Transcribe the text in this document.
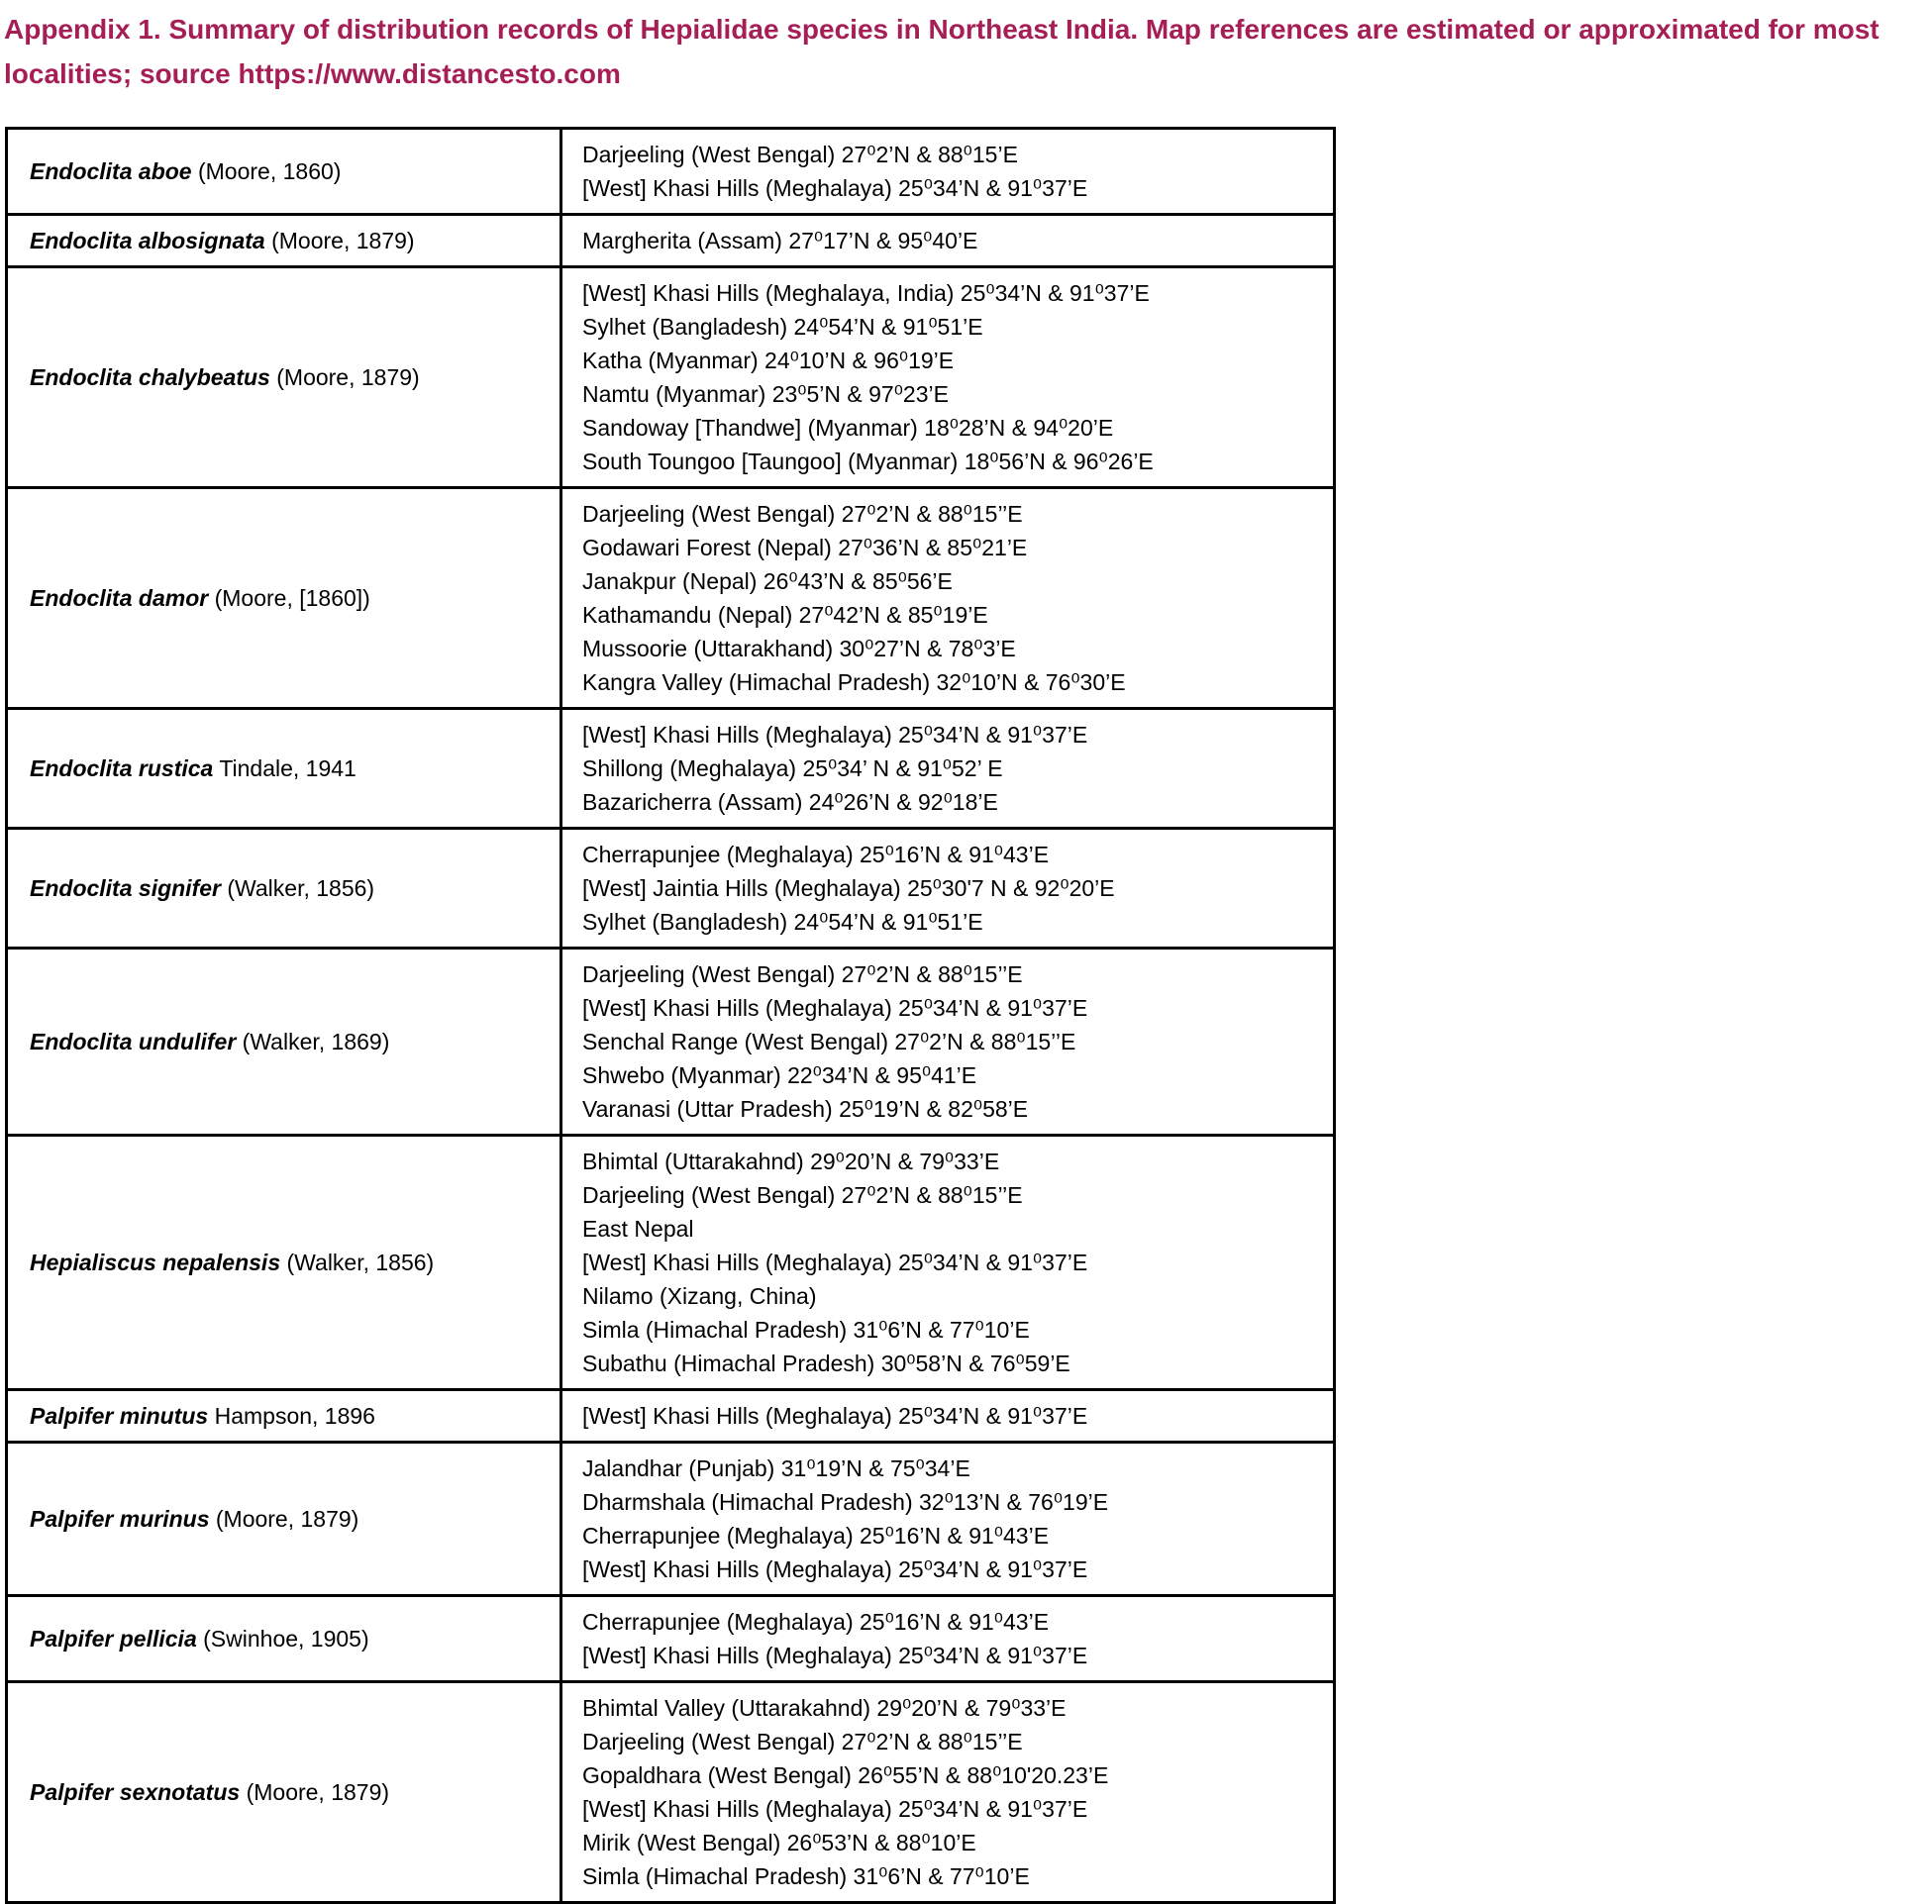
Appendix 1. Summary of distribution records of Hepialidae species in Northeast India. Map references are estimated or approximated for most localities; source https://www.distancesto.com
Endoclita aboe (Moore, 1860)	Darjeeling (West Bengal) 27⁰2’N & 88⁰15’E
[West] Khasi Hills (Meghalaya) 25⁰34’N & 91⁰37’E

Endoclita albosignata (Moore, 1879)	Margherita (Assam) 27⁰17’N & 95⁰40’E

Endoclita chalybeatus (Moore, 1879)	
[West] Khasi Hills (Meghalaya, India) 25⁰34’N & 91⁰37’E
Sylhet (Bangladesh) 24⁰54’N & 91⁰51’E
Katha (Myanmar) 24⁰10’N & 96⁰19’E
Namtu (Myanmar) 23⁰5’N & 97⁰23’E
Sandoway [Thandwe] (Myanmar) 18⁰28’N & 94⁰20’E
South Toungoo [Taungoo] (Myanmar) 18⁰56’N & 96⁰26’E

Endoclita damor (Moore, [1860])	
Darjeeling (West Bengal) 27⁰2’N & 88⁰15’’E
Godawari Forest (Nepal) 27⁰36’N & 85⁰21’E
Janakpur (Nepal) 26⁰43’N & 85⁰56’E
Kathamandu (Nepal) 27⁰42’N & 85⁰19’E
Mussoorie (Uttarakhand) 30⁰27’N & 78⁰3’E
Kangra Valley (Himachal Pradesh) 32⁰10’N & 76⁰30’E

Endoclita rustica Tindale, 1941	[West] Khasi Hills (Meghalaya) 25⁰34’N & 91⁰37’E
Shillong (Meghalaya) 25⁰34’ N & 91⁰52’ E
Bazaricherra (Assam) 24⁰26’N & 92⁰18’E

Endoclita signifer (Walker, 1856)	Cherrapunjee (Meghalaya) 25⁰16’N & 91⁰43’E
[West] Jaintia Hills (Meghalaya) 25⁰30'7 N & 92⁰20’E
Sylhet (Bangladesh) 24⁰54’N & 91⁰51’E

Endoclita undulifer (Walker, 1869)	Darjeeling (West Bengal) 27⁰2’N & 88⁰15’’E
[West] Khasi Hills (Meghalaya) 25⁰34’N & 91⁰37’E
Senchal Range (West Bengal) 27⁰2’N & 88⁰15’’E
Shwebo (Myanmar) 22⁰34’N & 95⁰41’E
Varanasi (Uttar Pradesh) 25⁰19’N & 82⁰58’E

Hepialiscus nepalensis (Walker, 1856)	
Bhimtal (Uttarakahnd) 29⁰20’N & 79⁰33’E
Darjeeling (West Bengal) 27⁰2’N & 88⁰15’’E
East Nepal
[West] Khasi Hills (Meghalaya) 25⁰34’N & 91⁰37’E
Nilamo (Xizang, China)
Simla (Himachal Pradesh) 31⁰6’N & 77⁰10’E
Subathu (Himachal Pradesh) 30⁰58’N & 76⁰59’E

Palpifer minutus Hampson, 1896	[West] Khasi Hills (Meghalaya) 25⁰34’N & 91⁰37’E

Palpifer murinus (Moore, 1879)	Jalandhar (Punjab) 31⁰19’N & 75⁰34’E
Dharmshala (Himachal Pradesh) 32⁰13’N & 76⁰19’E
Cherrapunjee (Meghalaya) 25⁰16’N & 91⁰43’E
[West] Khasi Hills (Meghalaya) 25⁰34’N & 91⁰37’E

Palpifer pellicia (Swinhoe, 1905)	Cherrapunjee (Meghalaya) 25⁰16’N & 91⁰43’E
[West] Khasi Hills (Meghalaya) 25⁰34’N & 91⁰37’E

Palpifer sexnotatus (Moore, 1879)	
Bhimtal Valley (Uttarakahnd) 29⁰20’N & 79⁰33’E
Darjeeling (West Bengal) 27⁰2’N & 88⁰15’’E
Gopaldhara (West Bengal) 26⁰55’N & 88⁰10'20.23’E
[West] Khasi Hills (Meghalaya) 25⁰34’N & 91⁰37’E
Mirik (West Bengal) 26⁰53’N & 88⁰10’E
Simla (Himachal Pradesh) 31⁰6’N & 77⁰10’E
